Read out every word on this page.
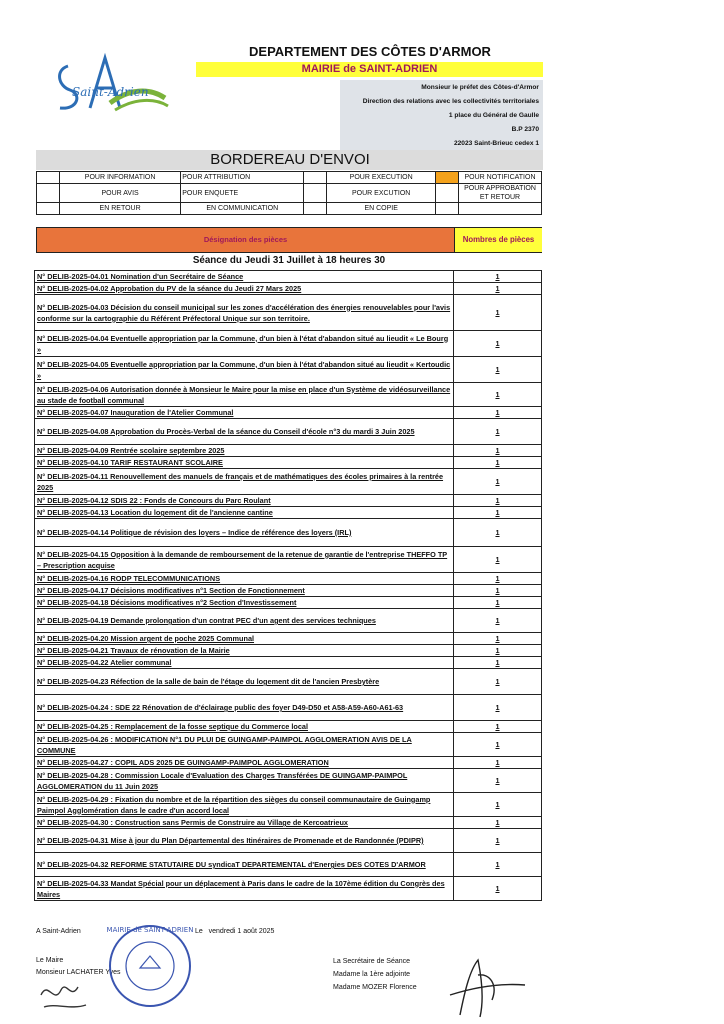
Saint-Adrien
DEPARTEMENT DES CÔTES D'ARMOR
MAIRIE de SAINT-ADRIEN
Monsieur le préfet des Côtes-d'Armor
Direction des relations avec les collectivités territoriales
1 place du Général de Gaulle
B.P 2370
22023 Saint-Brieuc cedex 1
BORDEREAU D'ENVOI
	POUR INFORMATION	POUR ATTRIBUTION		POUR EXECUTION		POUR NOTIFICATION
	POUR AVIS	POUR ENQUETE		POUR EXCUTION		POUR APPROBATION ET RETOUR
	EN RETOUR	EN COMMUNICATION		EN COPIE		
Désignation des pièces	Nombres de pièces
Séance du Jeudi 31 Juillet à 18 heures 30
N° DELIB-2025-04.01 Nomination d'un Secrétaire de Séance	1
N° DELIB-2025-04.02 Approbation du PV de la séance du Jeudi 27 Mars 2025	1
N° DELIB-2025-04.03 Décision du conseil municipal sur les zones d'accélération des énergies renouvelables pour l'avis conforme sur la cartographie du Référent Préfectoral Unique sur son territoire.	1
N° DELIB-2025-04.04 Eventuelle appropriation par la Commune, d'un bien à l'état d'abandon situé au lieudit « Le Bourg »	1
N° DELIB-2025-04.05 Eventuelle appropriation par la Commune, d'un bien à l'état d'abandon situé au lieudit « Kertoudic »	1
N° DELIB-2025-04.06 Autorisation donnée à Monsieur le Maire pour la mise en place d'un Système de vidéosurveillance au stade de football communal	1
N° DELIB-2025-04.07 Inauguration de l'Atelier Communal	1
N° DELIB-2025-04.08 Approbation du Procès-Verbal de la séance du Conseil d'école n°3 du mardi 3 Juin 2025	1
N° DELIB-2025-04.09 Rentrée scolaire septembre 2025	1
N° DELIB-2025-04.10 TARIF RESTAURANT SCOLAIRE	1
N° DELIB-2025-04.11 Renouvellement des manuels de français et de mathématiques des écoles primaires à la rentrée 2025	1
N° DELIB-2025-04.12 SDIS 22 : Fonds de Concours du Parc Roulant	1
N° DELIB-2025-04.13 Location du logement dit de l'ancienne cantine	1
N° DELIB-2025-04.14 Politique de révision des loyers – Indice de référence des loyers (IRL)	1
N° DELIB-2025-04.15 Opposition à la demande de remboursement de la retenue de garantie de l'entreprise THEFFO TP – Prescription acquise	1
N° DELIB-2025-04.16 RODP TELECOMMUNICATIONS	1
N° DELIB-2025-04.17 Décisions modificatives n°1 Section de Fonctionnement	1
N° DELIB-2025-04.18 Décisions modificatives n°2 Section d'Investissement	1
N° DELIB-2025-04.19 Demande prolongation d'un contrat PEC d'un agent des services techniques	1
N° DELIB-2025-04.20 Mission argent de poche 2025 Communal	1
N° DELIB-2025-04.21 Travaux de rénovation de la Mairie	1
N° DELIB-2025-04.22 Atelier communal	1
N° DELIB-2025-04.23 Réfection de la salle de bain de l'étage du logement dit de l'ancien Presbytère	1
N° DELIB-2025-04.24 : SDE 22 Rénovation de d'éclairage public des foyer D49-D50 et A58-A59-A60-A61-63	1
N° DELIB-2025-04.25 : Remplacement de la fosse septique du Commerce local	1
N° DELIB-2025-04.26 : MODIFICATION N°1 DU PLUI DE GUINGAMP-PAIMPOL AGGLOMERATION AVIS DE LA COMMUNE	1
N° DELIB-2025-04.27 : COPIL ADS 2025 DE GUINGAMP-PAIMPOL AGGLOMERATION	1
N° DELIB-2025-04.28 : Commission Locale d'Evaluation des Charges Transférées DE GUINGAMP-PAIMPOL AGGLOMERATION du 11 Juin 2025	1
N° DELIB-2025-04.29 : Fixation du nombre et de la répartition des sièges du conseil communautaire de Guingamp Paimpol Agglomération dans le cadre d'un accord local	1
N° DELIB-2025-04.30 : Construction sans Permis de Construire au Village de Kercoatrieux	1
N° DELIB-2025-04.31 Mise à jour du Plan Départemental des Itinéraires de Promenade et de Randonnée (PDIPR)	1
N° DELIB-2025-04.32 REFORME STATUTAIRE DU syndicaT DEPARTEMENTAL d'Energies DES COTES D'ARMOR	1
N° DELIB-2025-04.33 Mandat Spécial pour un déplacement à Paris dans le cadre de la 107ème édition du Congrès des Maires	1
A Saint-Adrien	Le vendredi 1 août 2025
Le Maire
Monsieur LACHATER Yves
La Secrétaire de Séance
Madame la 1ère adjointe
Madame MOZER Florence
MAIRIE de SAINT-ADRIEN
